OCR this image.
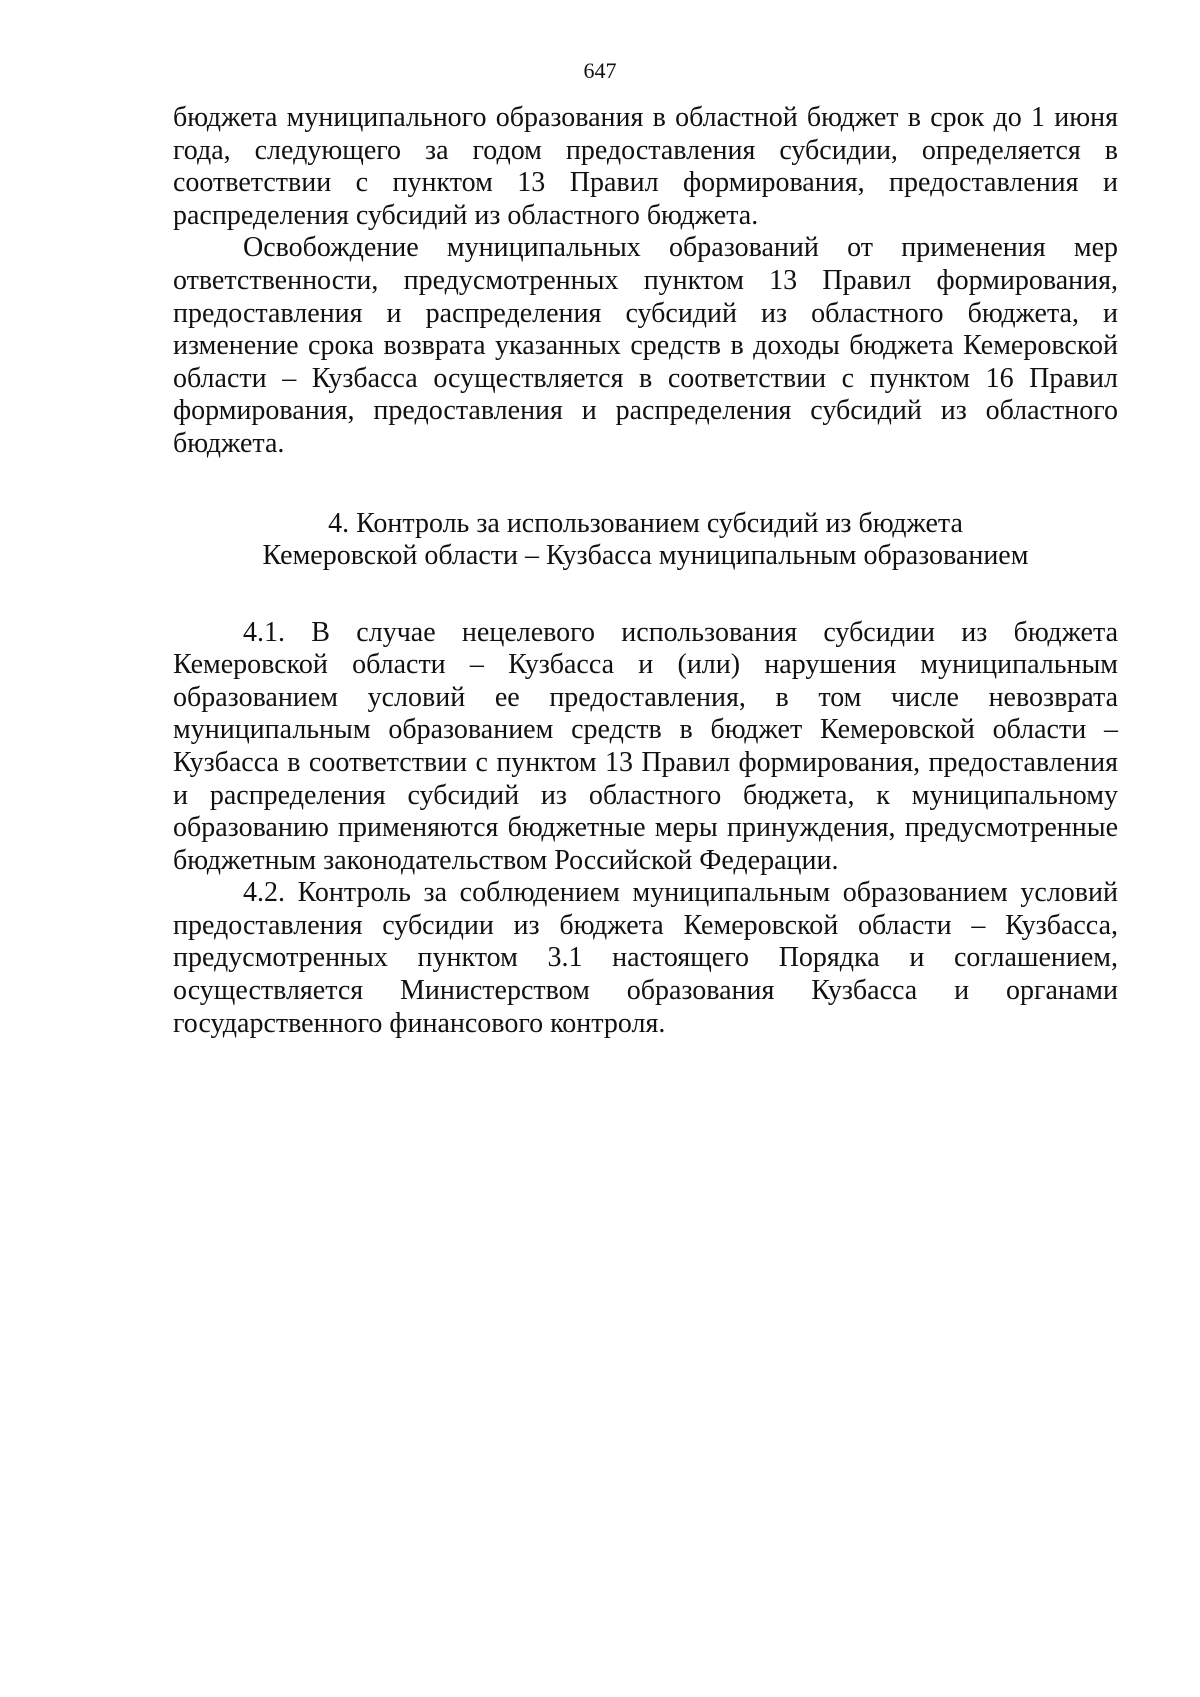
647

бюджета муниципального образования в областной бюджет в срок до 1 июня года, следующего за годом предоставления субсидии, определяется в соответствии с пунктом 13 Правил формирования, предоставления и распределения субсидий из областного бюджета.

Освобождение муниципальных образований от применения мер ответственности, предусмотренных пунктом 13 Правил формирования, предоставления и распределения субсидий из областного бюджета, и изменение срока возврата указанных средств в доходы бюджета Кемеровской области – Кузбасса осуществляется в соответствии с пунктом 16 Правил формирования, предоставления и распределения субсидий из областного бюджета.

4. Контроль за использованием субсидий из бюджета
Кемеровской области – Кузбасса муниципальным образованием

4.1. В случае нецелевого использования субсидии из бюджета Кемеровской области – Кузбасса и (или) нарушения муниципальным образованием условий ее предоставления, в том числе невозврата муниципальным образованием средств в бюджет Кемеровской области – Кузбасса в соответствии с пунктом 13 Правил формирования, предоставления и распределения субсидий из областного бюджета, к муниципальному образованию применяются бюджетные меры принуждения, предусмотренные бюджетным законодательством Российской Федерации.

4.2. Контроль за соблюдением муниципальным образованием условий предоставления субсидии из бюджета Кемеровской области – Кузбасса, предусмотренных пунктом 3.1 настоящего Порядка и соглашением, осуществляется Министерством образования Кузбасса и органами государственного финансового контроля.
